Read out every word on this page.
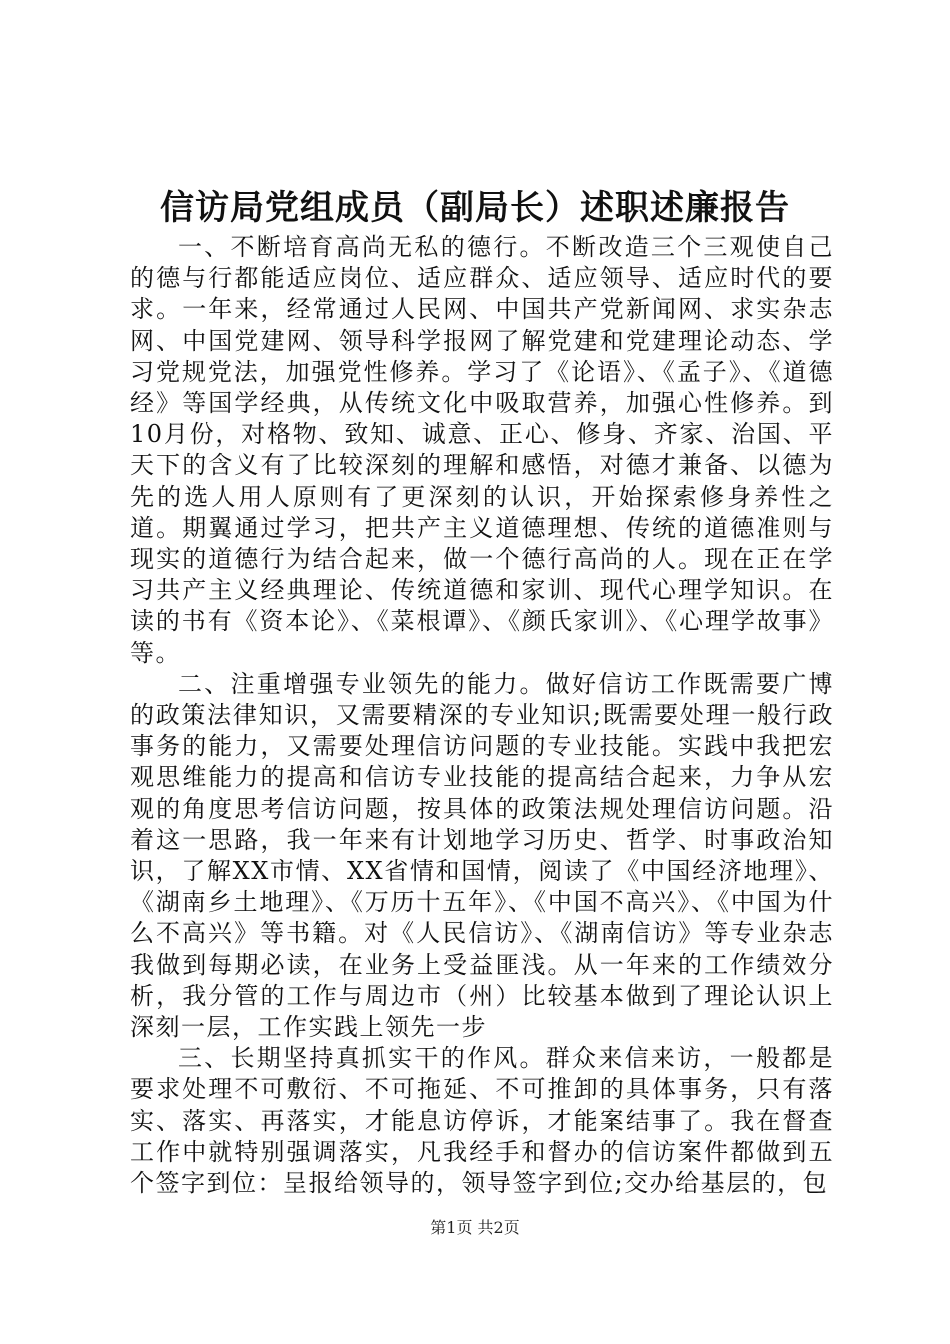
信访局党组成员（副局长）述职述廉报告

一、不断培育高尚无私的德行。不断改造三个三观使自己的德与行都能适应岗位、适应群众、适应领导、适应时代的要求。一年来，经常通过人民网、中国共产党新闻网、求实杂志网、中国党建网、领导科学报网了解党建和党建理论动态、学习党规党法，加强党性修养。学习了《论语》、《孟子》、《道德经》等国学经典，从传统文化中吸取营养，加强心性修养。到10月份，对格物、致知、诚意、正心、修身、齐家、治国、平天下的含义有了比较深刻的理解和感悟，对德才兼备、以德为先的选人用人原则有了更深刻的认识，开始探索修身养性之道。期翼通过学习，把共产主义道德理想、传统的道德准则与现实的道德行为结合起来，做一个德行高尚的人。现在正在学习共产主义经典理论、传统道德和家训、现代心理学知识。在读的书有《资本论》、《菜根谭》、《颜氏家训》、《心理学故事》等。

二、注重增强专业领先的能力。做好信访工作既需要广博的政策法律知识，又需要精深的专业知识;既需要处理一般行政事务的能力，又需要处理信访问题的专业技能。实践中我把宏观思维能力的提高和信访专业技能的提高结合起来，力争从宏观的角度思考信访问题，按具体的政策法规处理信访问题。沿着这一思路，我一年来有计划地学习历史、哲学、时事政治知识，了解XX市情、XX省情和国情，阅读了《中国经济地理》、《湖南乡土地理》、《万历十五年》、《中国不高兴》、《中国为什么不高兴》等书籍。对《人民信访》、《湖南信访》等专业杂志我做到每期必读，在业务上受益匪浅。从一年来的工作绩效分析，我分管的工作与周边市（州）比较基本做到了理论认识上深刻一层，工作实践上领先一步

三、长期坚持真抓实干的作风。群众来信来访，一般都是要求处理不可敷衍、不可拖延、不可推卸的具体事务，只有落实、落实、再落实，才能息访停诉，才能案结事了。我在督查工作中就特别强调落实，凡我经手和督办的信访案件都做到五个签字到位：呈报给领导的，领导签字到位;交办给基层的，包

第1页 共2页
